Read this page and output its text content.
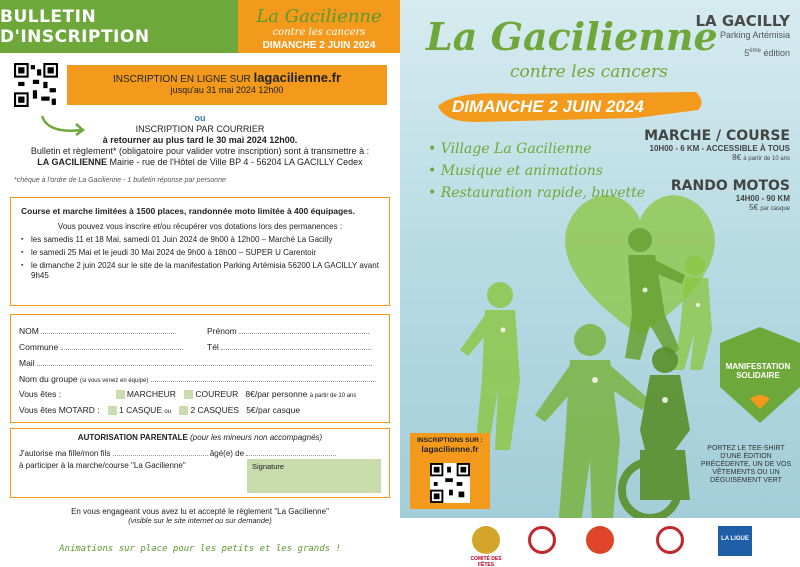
BULLETIN D'INSCRIPTION
La Gacilienne
contre les cancers
DIMANCHE 2 JUIN 2024
INSCRIPTION EN LIGNE SUR lagacilienne.fr
jusqu'au 31 mai 2024 12h00
ou
INSCRIPTION PAR COURRIER
à retourner au plus tard le 30 mai 2024 12h00.
Bulletin et règlement* (obligatoire pour valider votre inscription) sont à transmettre à :
LA GACILIENNE Mairie - rue de l'Hôtel de Ville BP 4 - 56204 LA GACILLY Cedex
*chèque à l'ordre de La Gacilienne - 1 bulletin réponse par personne
Course et marche limitées à 1500 places, randonnée moto limitée à 400 équipages.
Vous pouvez vous inscrire et/ou récupérer vos dotations lors des permanences :
▪ les samedis 11 et 18 Mai, samedi 01 Juin 2024 de 9h00 à 12h00 – Marché La Gacilly
▪ le samedi 25 Mai et le jeudi 30 Mai 2024 de 9h00 à 18h00 – SUPER U Carentoir
▪ le dimanche 2 juin 2024 sur le site de la manifestation Parking Artémisia 56200 LA GACILLY avant 9h45
NOM	Prénom
Commune	Tél
Mail
Nom du groupe (si vous venez en équipe)
Vous êtes :	MARCHEUR COUREUR 8€/par personne à partir de 10 ans
Vous êtes MOTARD : 1 CASQUE ou 2 CASQUES 5€/par casque
AUTORISATION PARENTALE (pour les mineurs non accompagnés)
J'autorise ma fille/mon fils	âgé(e) de
à participer à la marche/course "La Gacilienne"	Signature
En vous engageant vous avez lu et accepté le règlement "La Gacilienne"
(visible sur le site internet ou sur demande)
Animations sur place pour les petits et les grands !
La Gacilienne
contre les cancers
DIMANCHE 2 JUIN 2024
LA GACILLY
Parking Artémisia
5ème édition
• Village La Gacilienne
• Musique et animations
• Restauration rapide, buvette
MARCHE / COURSE
10H00 - 6 KM - ACCESSIBLE À TOUS
8€ à partir de 10 ans
RANDO MOTOS
14H00 - 90 KM
5€ par casque
MANIFESTATION SOLIDAIRE
PORTEZ LE TEE-SHIRT D'UNE ÉDITION PRÉCÉDENTE, UN DE VOS VÊTEMENTS OU UN DÉGUISEMENT VERT
INSCRIPTIONS SUR :
lagacilienne.fr
COMITÉ DES FÊTES
LA LIGUE
